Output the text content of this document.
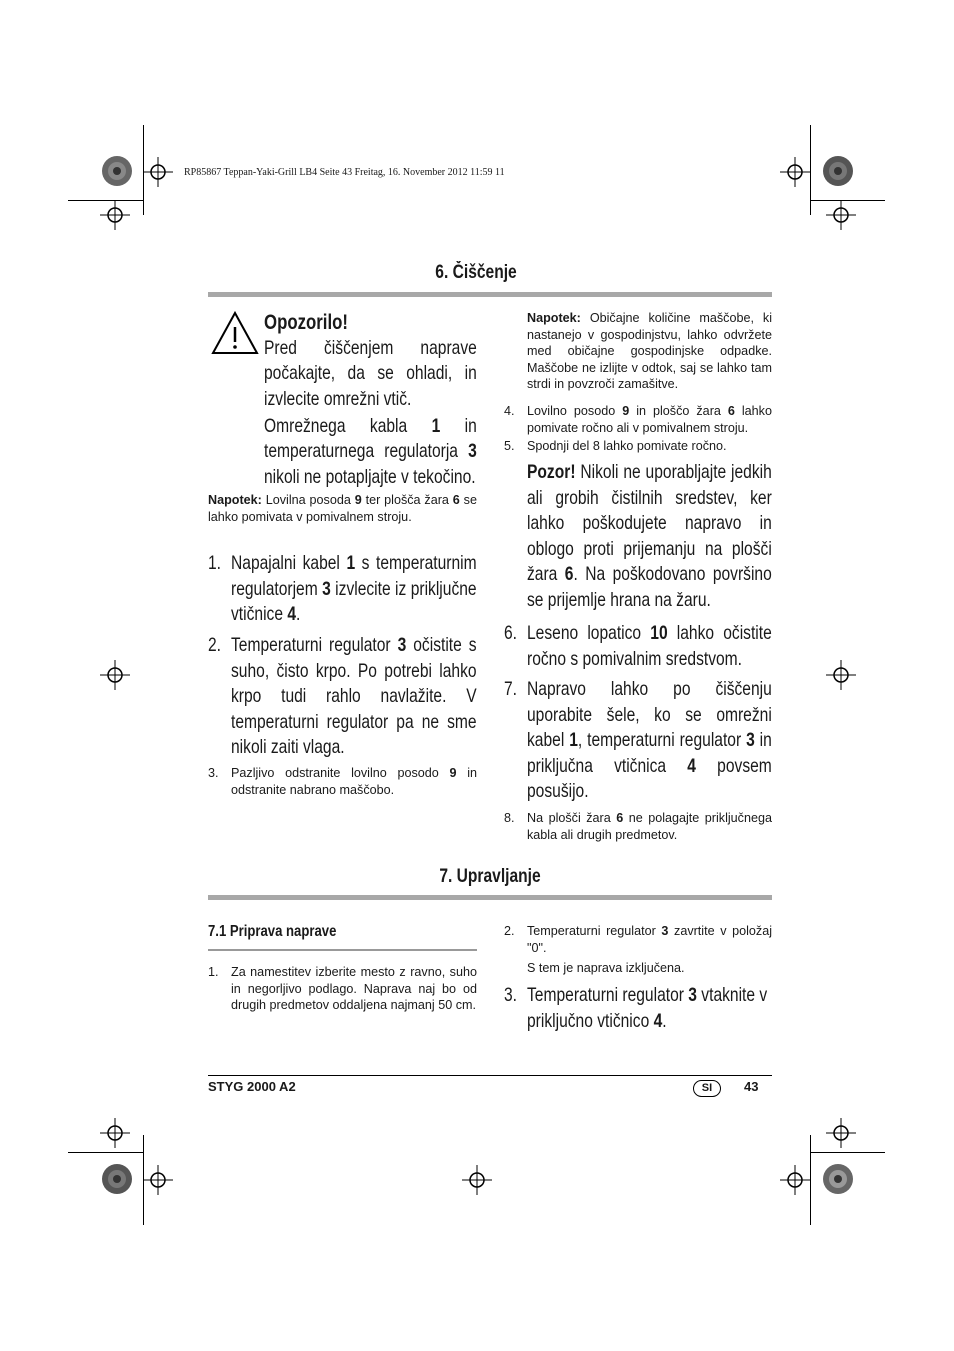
RP85867 Teppan-Yaki-Grill LB4 Seite 43 Freitag, 16. November 2012 11:59 11
6. Čiščenje
Opozorilo!
Pred čiščenjem naprave počakajte, da se ohladi, in izvlecite omrežni vtič.
Omrežnega kabla 1 in temperaturnega regulatorja 3 nikoli ne potapljajte v tekočino.
Napotek: Lovilna posoda 9 ter plošča žara 6 se lahko pomivata v pomivalnem stroju.
1. Napajalni kabel 1 s temperaturnim regulatorjem 3 izvlecite iz priključne vtičnice 4.
2. Temperaturni regulator 3 očistite s suho, čisto krpo. Po potrebi lahko krpo tudi rahlo navlažite. V temperaturni regulator pa ne sme nikoli zaiti vlaga.
3. Pazljivo odstranite lovilno posodo 9 in odstranite nabrano maščobo.
Napotek: Običajne količine maščobe, ki nastanejo v gospodinjstvu, lahko odvržete med običajne gospodinjske odpadke. Maščobe ne izlijte v odtok, saj se lahko tam strdi in povzroči zamašitve.
4. Lovilno posodo 9 in ploščo žara 6 lahko pomivate ročno ali v pomivalnem stroju.
5. Spodnji del 8 lahko pomivate ročno.
Pozor! Nikoli ne uporabljajte jedkih ali grobih čistilnih sredstev, ker lahko poškodujete napravo in oblogo proti prijemanju na plošči žara 6. Na poškodovano površino se prijemlje hrana na žaru.
6. Leseno lopatico 10 lahko očistite ročno s pomivalnim sredstvom.
7. Napravo lahko po čiščenju uporabite šele, ko se omrežni kabel 1, temperaturni regulator 3 in priključna vtičnica 4 povsem posušijo.
8. Na plošči žara 6 ne polagajte priključnega kabla ali drugih predmetov.
7. Upravljanje
7.1 Priprava naprave
1. Za namestitev izberite mesto z ravno, suho in negorljivo podlago. Naprava naj bo od drugih predmetov oddaljena najmanj 50 cm.
2. Temperaturni regulator 3 zavrtite v položaj "0".
S tem je naprava izključena.
3. Temperaturni regulator 3 vtaknite v priključno vtičnico 4.
STYG 2000 A2	SI	43
